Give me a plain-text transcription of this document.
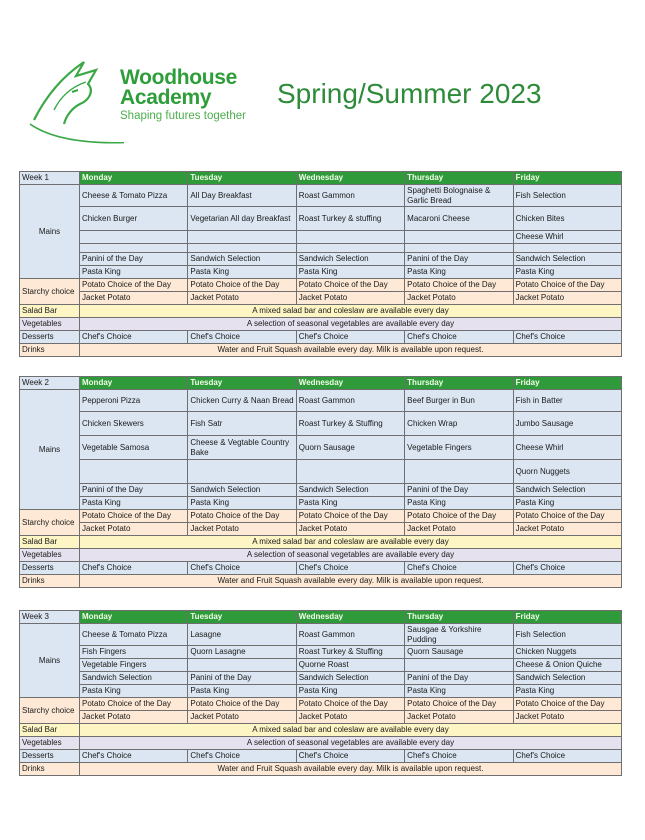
Woodhouse
Academy
Shaping futures together
Spring/Summer 2023
Week 1	Monday	Tuesday	Wednesday	Thursday	Friday
Mains	Cheese & Tomato Pizza	All Day Breakfast	Roast Gammon	Spaghetti Bolognaise & Garlic Bread	Fish Selection
	Chicken Burger	Vegetarian All day Breakfast	Roast Turkey & stuffing	Macaroni Cheese	Chicken Bites
					Cheese Whirl

	Panini of the Day	Sandwich Selection	Sandwich Selection	Panini of the Day	Sandwich Selection
	Pasta King	Pasta King	Pasta King	Pasta King	Pasta King
Starchy choice	Potato Choice of the Day	Potato Choice of the Day	Potato Choice of the Day	Potato Choice of the Day	Potato Choice of the Day
	Jacket Potato	Jacket Potato	Jacket Potato	Jacket Potato	Jacket Potato
Salad Bar	A mixed salad bar and coleslaw are available every day				
Vegetables	A selection of seasonal vegetables are available every day				
Desserts	Chef's Choice	Chef's Choice	Chef's Choice	Chef's Choice	Chef's Choice
Drinks	Water and Fruit Squash available every day. Milk is available upon request.				
Week 2	Monday	Tuesday	Wednesday	Thursday	Friday
Mains	Pepperoni Pizza	Chicken Curry & Naan Bread	Roast Gammon	Beef Burger in Bun	Fish in Batter
	Chicken Skewers	Fish Satr	Roast Turkey & Stuffing	Chicken Wrap	Jumbo Sausage
	Vegetable Samosa	Cheese & Vegtable Country Bake	Quorn Sausage	Vegetable Fingers	Cheese Whirl
					Quorn Nuggets
	Panini of the Day	Sandwich Selection	Sandwich Selection	Panini of the Day	Sandwich Selection
	Pasta King	Pasta King	Pasta King	Pasta King	Pasta King
Starchy choice	Potato Choice of the Day	Potato Choice of the Day	Potato Choice of the Day	Potato Choice of the Day	Potato Choice of the Day
	Jacket Potato	Jacket Potato	Jacket Potato	Jacket Potato	Jacket Potato
Salad Bar	A mixed salad bar and coleslaw are available every day				
Vegetables	A selection of seasonal vegetables are available every day				
Desserts	Chef's Choice	Chef's Choice	Chef's Choice	Chef's Choice	Chef's Choice
Drinks	Water and Fruit Squash available every day. Milk is available upon request.				
Week 3	Monday	Tuesday	Wednesday	Thursday	Friday
Mains	Cheese & Tomato Pizza	Lasagne	Roast Gammon	Sausgae & Yorkshire Pudding	Fish Selection
	Fish Fingers	Quorn Lasagne	Roast Turkey & Stuffing	Quorn Sausage	Chicken Nuggets
	Vegetable Fingers		Quorne Roast		Cheese & Onion Quiche
	Sandwich Selection	Panini of the Day	Sandwich Selection	Panini of the Day	Sandwich Selection
	Pasta King	Pasta King	Pasta King	Pasta King	Pasta King
Starchy choice	Potato Choice of the Day	Potato Choice of the Day	Potato Choice of the Day	Potato Choice of the Day	Potato Choice of the Day
	Jacket Potato	Jacket Potato	Jacket Potato	Jacket Potato	Jacket Potato
Salad Bar	A mixed salad bar and coleslaw are available every day				
Vegetables	A selection of seasonal vegetables are available every day				
Desserts	Chef's Choice	Chef's Choice	Chef's Choice	Chef's Choice	Chef's Choice
Drinks	Water and Fruit Squash available every day. Milk is available upon request.				
